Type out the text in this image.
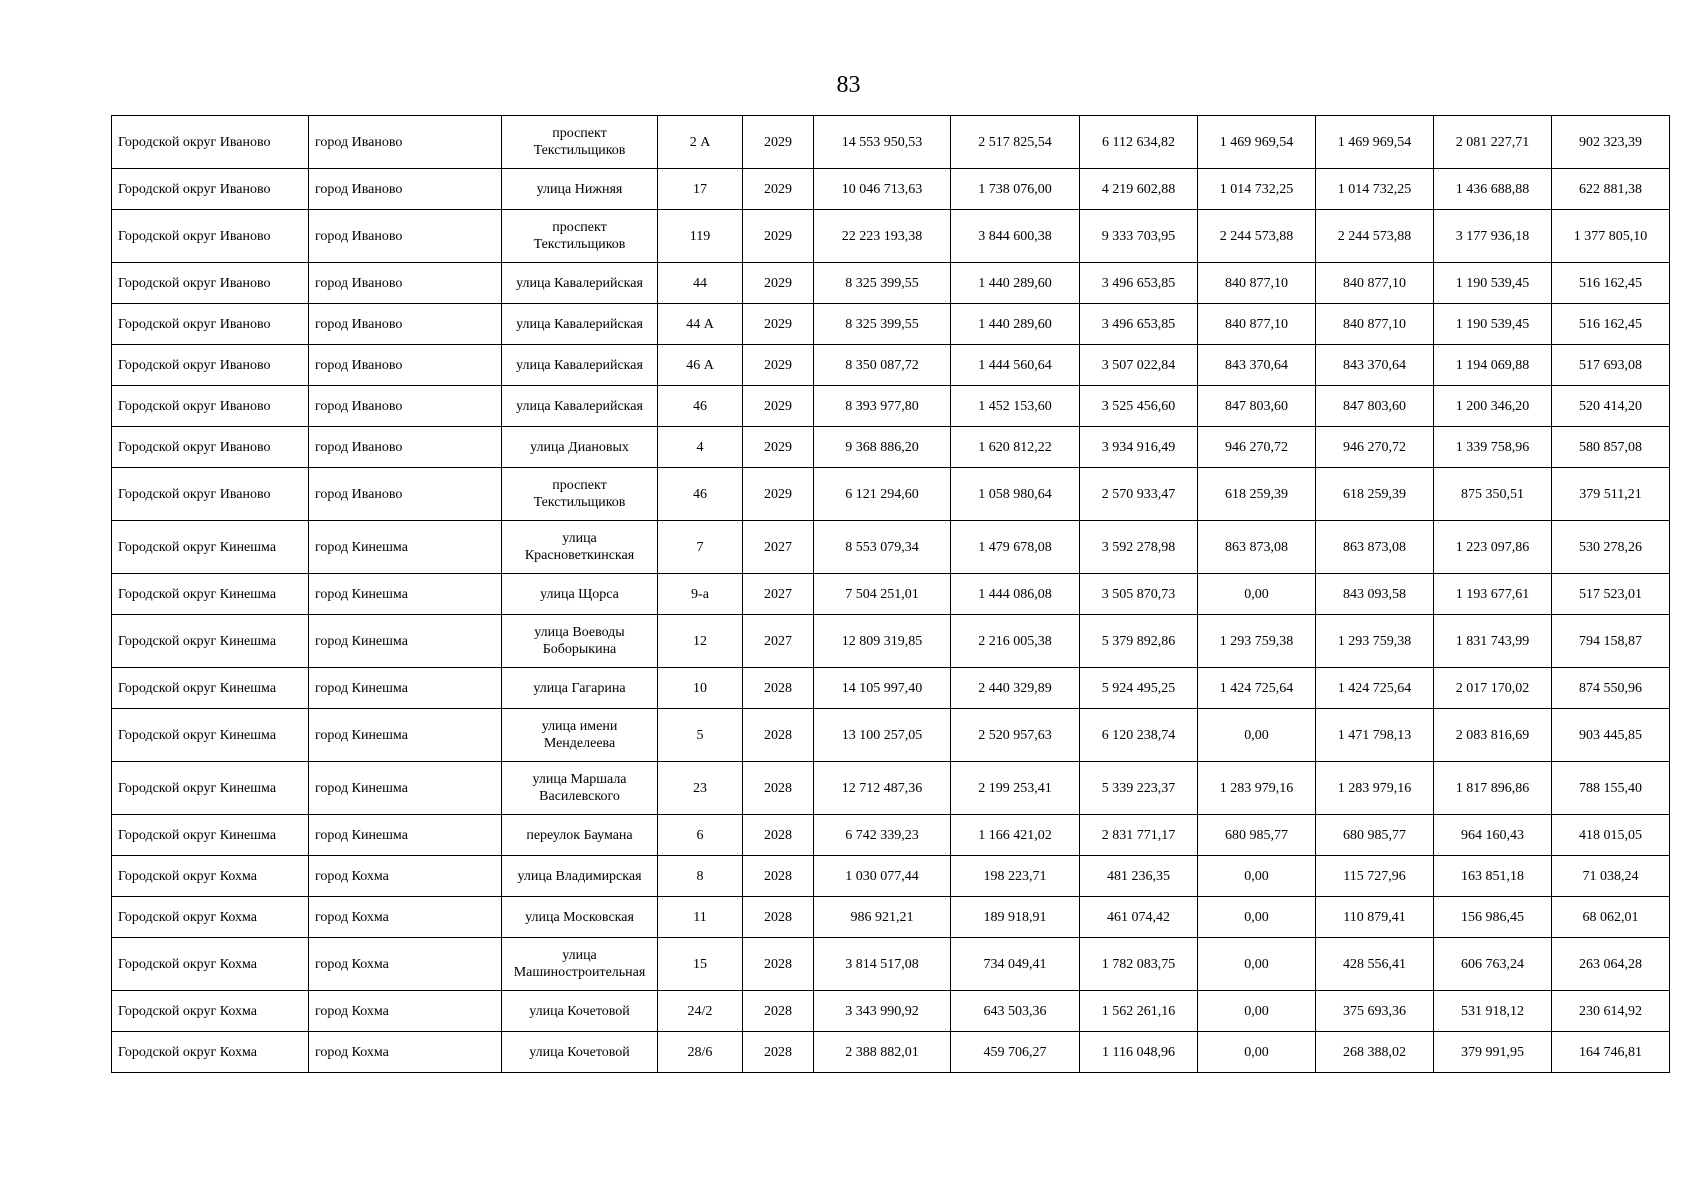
83
Городской округ Иваново	город Иваново	проспект Текстильщиков	2 А	2029	14 553 950,53	2 517 825,54	6 112 634,82	1 469 969,54	1 469 969,54	2 081 227,71	902 323,39
Городской округ Иваново	город Иваново	улица Нижняя	17	2029	10 046 713,63	1 738 076,00	4 219 602,88	1 014 732,25	1 014 732,25	1 436 688,88	622 881,38
Городской округ Иваново	город Иваново	проспект Текстильщиков	119	2029	22 223 193,38	3 844 600,38	9 333 703,95	2 244 573,88	2 244 573,88	3 177 936,18	1 377 805,10
Городской округ Иваново	город Иваново	улица Кавалерийская	44	2029	8 325 399,55	1 440 289,60	3 496 653,85	840 877,10	840 877,10	1 190 539,45	516 162,45
Городской округ Иваново	город Иваново	улица Кавалерийская	44 А	2029	8 325 399,55	1 440 289,60	3 496 653,85	840 877,10	840 877,10	1 190 539,45	516 162,45
Городской округ Иваново	город Иваново	улица Кавалерийская	46 А	2029	8 350 087,72	1 444 560,64	3 507 022,84	843 370,64	843 370,64	1 194 069,88	517 693,08
Городской округ Иваново	город Иваново	улица Кавалерийская	46	2029	8 393 977,80	1 452 153,60	3 525 456,60	847 803,60	847 803,60	1 200 346,20	520 414,20
Городской округ Иваново	город Иваново	улица Диановых	4	2029	9 368 886,20	1 620 812,22	3 934 916,49	946 270,72	946 270,72	1 339 758,96	580 857,08
Городской округ Иваново	город Иваново	проспект Текстильщиков	46	2029	6 121 294,60	1 058 980,64	2 570 933,47	618 259,39	618 259,39	875 350,51	379 511,21
Городской округ Кинешма	город Кинешма	улица Красноветкинская	7	2027	8 553 079,34	1 479 678,08	3 592 278,98	863 873,08	863 873,08	1 223 097,86	530 278,26
Городской округ Кинешма	город Кинешма	улица Щорса	9-а	2027	7 504 251,01	1 444 086,08	3 505 870,73	0,00	843 093,58	1 193 677,61	517 523,01
Городской округ Кинешма	город Кинешма	улица Воеводы Боборыкина	12	2027	12 809 319,85	2 216 005,38	5 379 892,86	1 293 759,38	1 293 759,38	1 831 743,99	794 158,87
Городской округ Кинешма	город Кинешма	улица Гагарина	10	2028	14 105 997,40	2 440 329,89	5 924 495,25	1 424 725,64	1 424 725,64	2 017 170,02	874 550,96
Городской округ Кинешма	город Кинешма	улица имени Менделеева	5	2028	13 100 257,05	2 520 957,63	6 120 238,74	0,00	1 471 798,13	2 083 816,69	903 445,85
Городской округ Кинешма	город Кинешма	улица Маршала Василевского	23	2028	12 712 487,36	2 199 253,41	5 339 223,37	1 283 979,16	1 283 979,16	1 817 896,86	788 155,40
Городской округ Кинешма	город Кинешма	переулок Баумана	6	2028	6 742 339,23	1 166 421,02	2 831 771,17	680 985,77	680 985,77	964 160,43	418 015,05
Городской округ Кохма	город Кохма	улица Владимирская	8	2028	1 030 077,44	198 223,71	481 236,35	0,00	115 727,96	163 851,18	71 038,24
Городской округ Кохма	город Кохма	улица Московская	11	2028	986 921,21	189 918,91	461 074,42	0,00	110 879,41	156 986,45	68 062,01
Городской округ Кохма	город Кохма	улица Машиностроительная	15	2028	3 814 517,08	734 049,41	1 782 083,75	0,00	428 556,41	606 763,24	263 064,28
Городской округ Кохма	город Кохма	улица Кочетовой	24/2	2028	3 343 990,92	643 503,36	1 562 261,16	0,00	375 693,36	531 918,12	230 614,92
Городской округ Кохма	город Кохма	улица Кочетовой	28/6	2028	2 388 882,01	459 706,27	1 116 048,96	0,00	268 388,02	379 991,95	164 746,81
